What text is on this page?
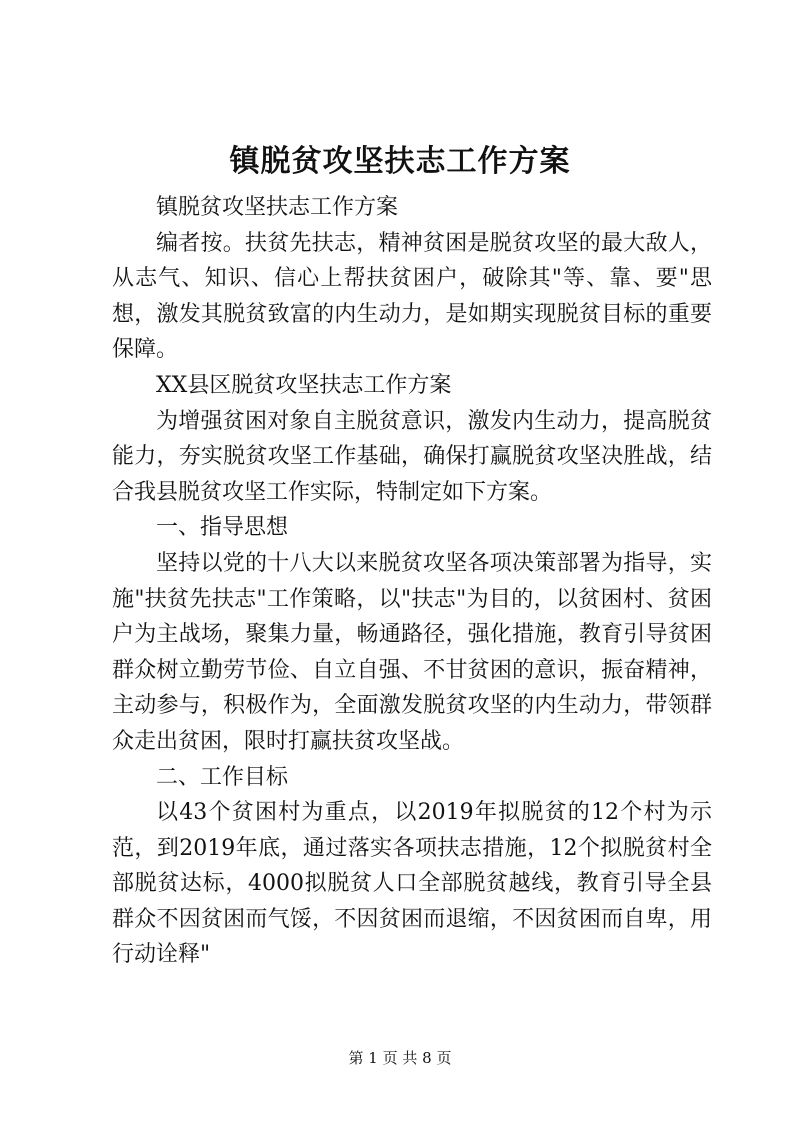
镇脱贫攻坚扶志工作方案

镇脱贫攻坚扶志工作方案

编者按。扶贫先扶志，精神贫困是脱贫攻坚的最大敌人，从志气、知识、信心上帮扶贫困户，破除其"等、靠、要"思想，激发其脱贫致富的内生动力，是如期实现脱贫目标的重要保障。

XX县区脱贫攻坚扶志工作方案

为增强贫困对象自主脱贫意识，激发内生动力，提高脱贫能力，夯实脱贫攻坚工作基础，确保打赢脱贫攻坚决胜战，结合我县脱贫攻坚工作实际，特制定如下方案。

一、指导思想

坚持以党的十八大以来脱贫攻坚各项决策部署为指导，实施"扶贫先扶志"工作策略，以"扶志"为目的，以贫困村、贫困户为主战场，聚集力量，畅通路径，强化措施，教育引导贫困群众树立勤劳节俭、自立自强、不甘贫困的意识，振奋精神，主动参与，积极作为，全面激发脱贫攻坚的内生动力，带领群众走出贫困，限时打赢扶贫攻坚战。

二、工作目标

以43个贫困村为重点，以2019年拟脱贫的12个村为示范，到2019年底，通过落实各项扶志措施，12个拟脱贫村全部脱贫达标，4000拟脱贫人口全部脱贫越线，教育引导全县群众不因贫困而气馁，不因贫困而退缩，不因贫困而自卑，用行动诠释"

第 1 页 共 8 页
